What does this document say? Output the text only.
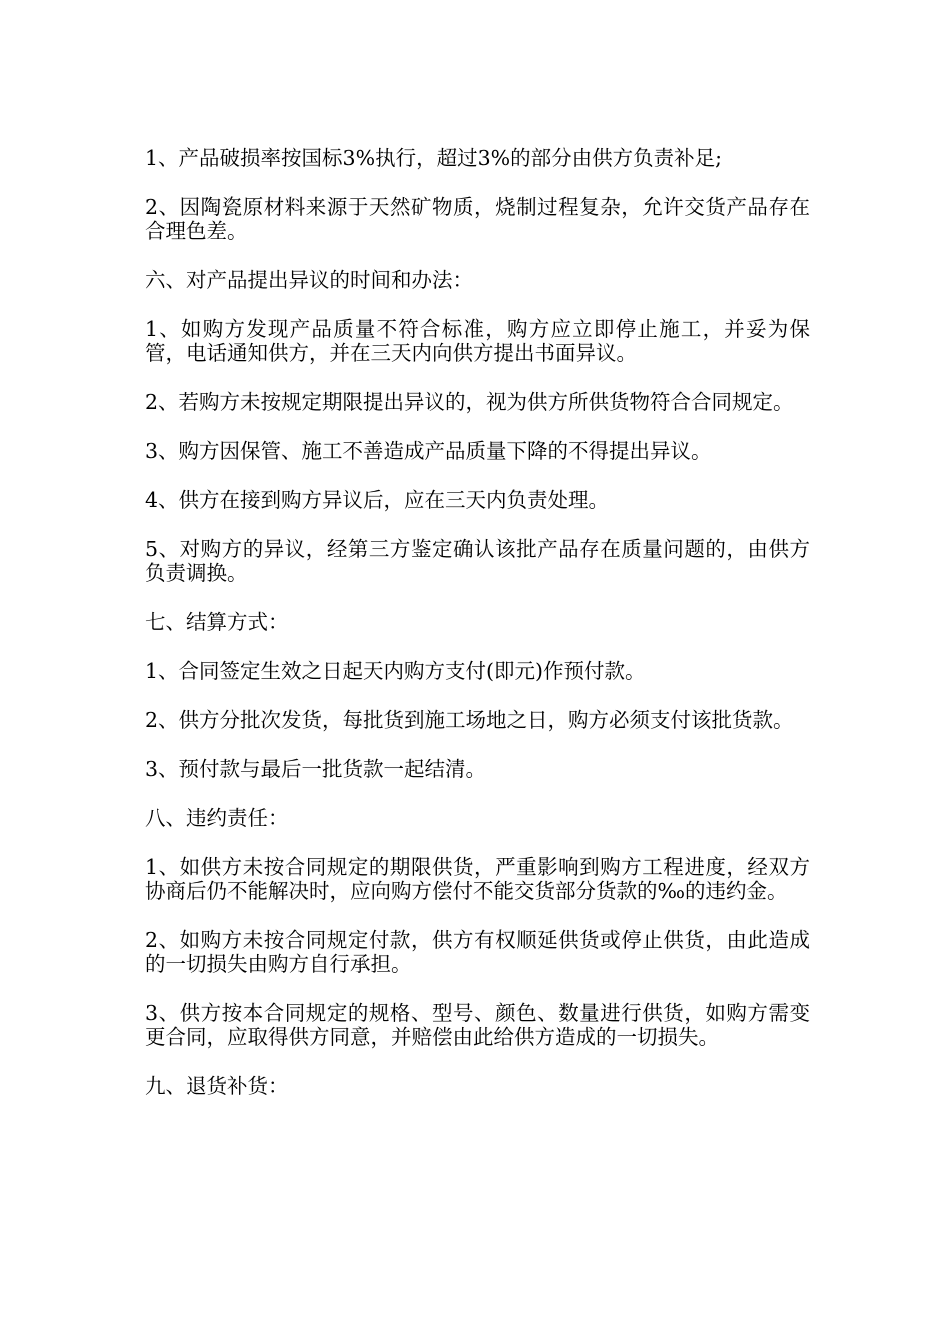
1、产品破损率按国标3%执行，超过3%的部分由供方负责补足;

2、因陶瓷原材料来源于天然矿物质，烧制过程复杂，允许交货产品存在合理色差。

六、对产品提出异议的时间和办法：

1、如购方发现产品质量不符合标准，购方应立即停止施工，并妥为保管，电话通知供方，并在三天内向供方提出书面异议。

2、若购方未按规定期限提出异议的，视为供方所供货物符合合同规定。

3、购方因保管、施工不善造成产品质量下降的不得提出异议。

4、供方在接到购方异议后，应在三天内负责处理。

5、对购方的异议，经第三方鉴定确认该批产品存在质量问题的，由供方负责调换。

七、结算方式：

1、合同签定生效之日起天内购方支付(即元)作预付款。

2、供方分批次发货，每批货到施工场地之日，购方必须支付该批货款。

3、预付款与最后一批货款一起结清。

八、违约责任：

1、如供方未按合同规定的期限供货，严重影响到购方工程进度，经双方协商后仍不能解决时，应向购方偿付不能交货部分货款的‰的违约金。

2、如购方未按合同规定付款，供方有权顺延供货或停止供货，由此造成的一切损失由购方自行承担。

3、供方按本合同规定的规格、型号、颜色、数量进行供货，如购方需变更合同，应取得供方同意，并赔偿由此给供方造成的一切损失。

九、退货补货：
